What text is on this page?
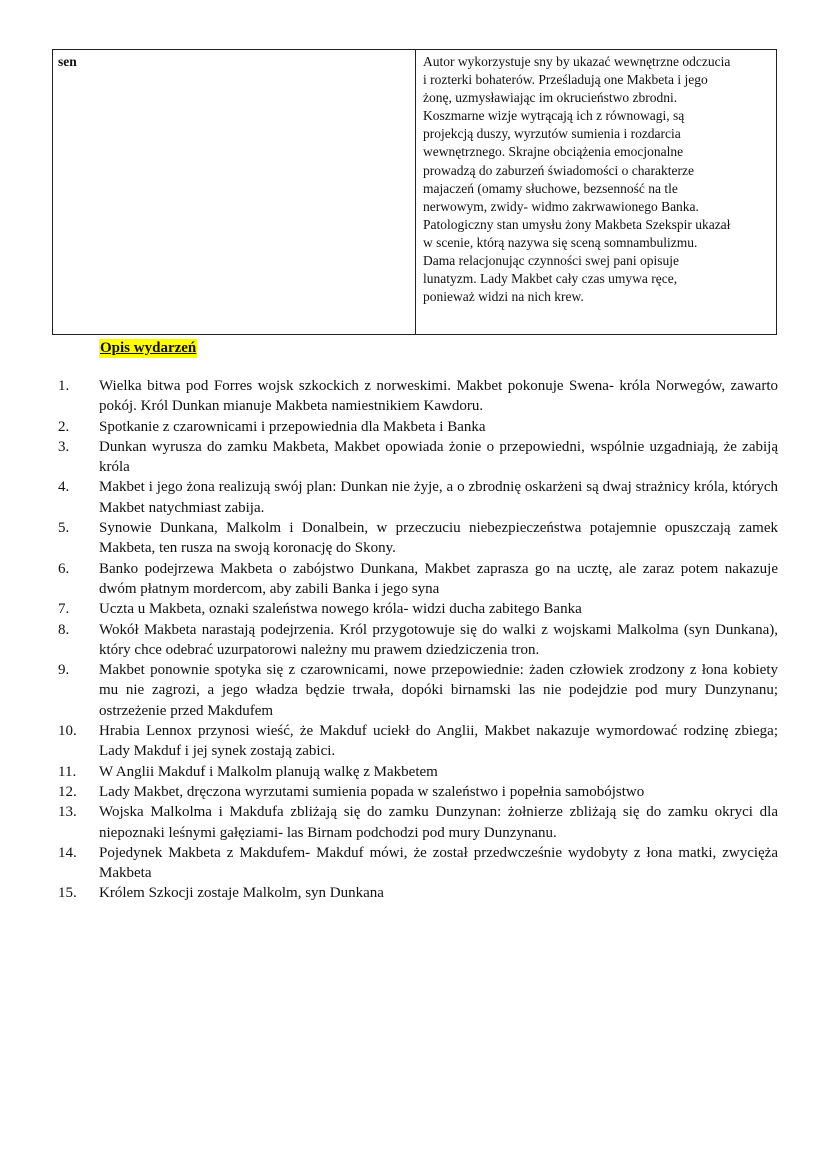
sen	Autor wykorzystuje sny by ukazać wewnętrzne odczucia
i rozterki bohaterów. Prześladują one Makbeta i jego
żonę, uzmysławiając im okrucieństwo zbrodni.
Koszmarne wizje wytrącają ich z równowagi, są
projekcją duszy, wyrzutów sumienia i rozdarcia
wewnętrznego. Skrajne obciążenia emocjonalne
prowadzą do zaburzeń świadomości o charakterze
majaczeń (omamy słuchowe, bezsenność na tle
nerwowym, zwidy- widmo zakrwawionego Banka.
Patologiczny stan umysłu żony Makbeta Szekspir ukazał
w scenie, którą nazywa się sceną somnambulizmu.
Dama relacjonując czynności swej pani opisuje
lunatyzm. Lady Makbet cały czas umywa ręce,
ponieważ widzi na nich krew.
Opis wydarzeń
1.	Wielka bitwa pod Forres wojsk szkockich z norweskimi. Makbet pokonuje Swena- króla Norwegów, zawarto pokój. Król Dunkan mianuje Makbeta namiestnikiem Kawdoru.
2.	Spotkanie z czarownicami i przepowiednia dla Makbeta i Banka
3.	Dunkan wyrusza do zamku Makbeta, Makbet opowiada żonie o przepowiedni, wspólnie uzgadniają, że zabiją króla
4.	Makbet i jego żona realizują swój plan: Dunkan nie żyje, a o zbrodnię oskarżeni są dwaj strażnicy króla, których Makbet natychmiast zabija.
5.	Synowie Dunkana, Malkolm i Donalbein, w przeczuciu niebezpieczeństwa potajemnie opuszczają zamek Makbeta, ten rusza na swoją koronację do Skony.
6.	Banko podejrzewa Makbeta o zabójstwo Dunkana, Makbet zaprasza go na ucztę, ale zaraz potem nakazuje dwóm płatnym mordercom, aby zabili Banka i jego syna
7.	Uczta u Makbeta, oznaki szaleństwa nowego króla- widzi ducha zabitego Banka
8.	Wokół Makbeta narastają podejrzenia. Król przygotowuje się do walki z wojskami Malkolma (syn Dunkana), który chce odebrać uzurpatorowi należny mu prawem dziedziczenia tron.
9.	Makbet ponownie spotyka się z czarownicami, nowe przepowiednie: żaden człowiek zrodzony z łona kobiety mu nie zagrozi, a jego władza będzie trwała, dopóki birnamski las nie podejdzie pod mury Dunzynanu; ostrzeżenie przed Makdufem
10.	Hrabia Lennox przynosi wieść, że Makduf uciekł do Anglii, Makbet nakazuje wymordować rodzinę zbiega; Lady Makduf i jej synek zostają zabici.
11.	W Anglii Makduf i Malkolm planują walkę z Makbetem
12.	Lady Makbet, dręczona wyrzutami sumienia popada w szaleństwo i popełnia samobójstwo
13.	Wojska Malkolma i Makdufa zbliżają się do zamku Dunzynan: żołnierze zbliżają się do zamku okryci dla niepoznaki leśnymi gałęziami- las Birnam podchodzi pod mury Dunzynanu.
14.	Pojedynek Makbeta z Makdufem- Makduf mówi, że został przedwcześnie wydobyty z łona matki, zwycięża Makbeta
15.	Królem Szkocji zostaje Malkolm, syn Dunkana
